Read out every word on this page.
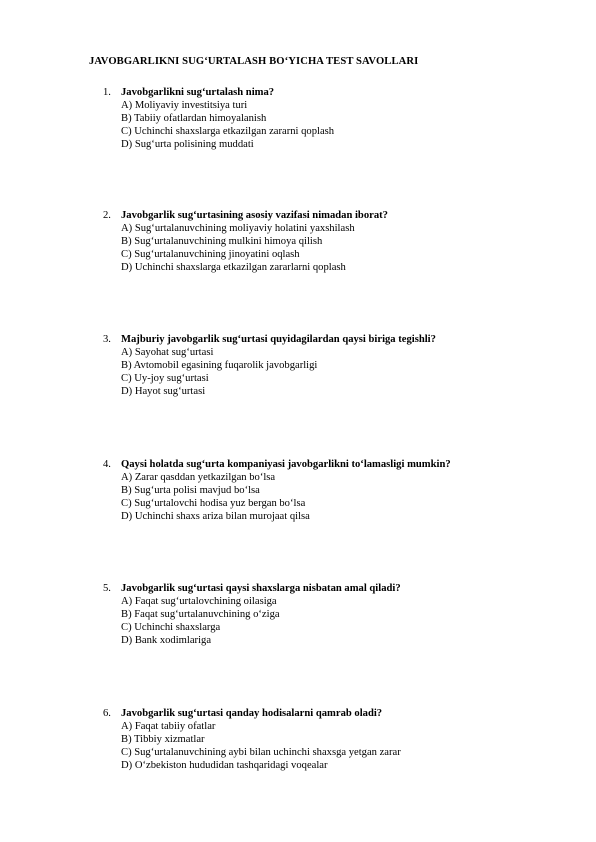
JAVOBGARLIKNI SUG‘URTALASH BO‘YICHA TEST SAVOLLARI
1. Javobgarlikni sug‘urtalash nima?
A) Moliyaviy investitsiya turi
B) Tabiiy ofatlardan himoyalanish
C) Uchinchi shaxslarga etkazilgan zararni qoplash
D) Sug‘urta polisining muddati
2. Javobgarlik sug‘urtasining asosiy vazifasi nimadan iborat?
A) Sug‘urtalanuvchining moliyaviy holatini yaxshilash
B) Sug‘urtalanuvchining mulkini himoya qilish
C) Sug‘urtalanuvchining jinoyatini oqlash
D) Uchinchi shaxslarga etkazilgan zararlarni qoplash
3. Majburiy javobgarlik sug‘urtasi quyidagilardan qaysi biriga tegishli?
A) Sayohat sug‘urtasi
B) Avtomobil egasining fuqarolik javobgarligi
C) Uy-joy sug‘urtasi
D) Hayot sug‘urtasi
4. Qaysi holatda sug‘urta kompaniyasi javobgarlikni to‘lamasligi mumkin?
A) Zarar qasddan yetkazilgan bo‘lsa
B) Sug‘urta polisi mavjud bo‘lsa
C) Sug‘urtalovchi hodisa yuz bergan bo‘lsa
D) Uchinchi shaxs ariza bilan murojaat qilsa
5. Javobgarlik sug‘urtasi qaysi shaxslarga nisbatan amal qiladi?
A) Faqat sug‘urtalovchining oilasiga
B) Faqat sug‘urtalanuvchining o‘ziga
C) Uchinchi shaxslarga
D) Bank xodimlariga
6. Javobgarlik sug‘urtasi qanday hodisalarni qamrab oladi?
A) Faqat tabiiy ofatlar
B) Tibbiy xizmatlar
C) Sug‘urtalanuvchining aybi bilan uchinchi shaxsga yetgan zarar
D) O‘zbekiston hududidan tashqaridagi voqealar
